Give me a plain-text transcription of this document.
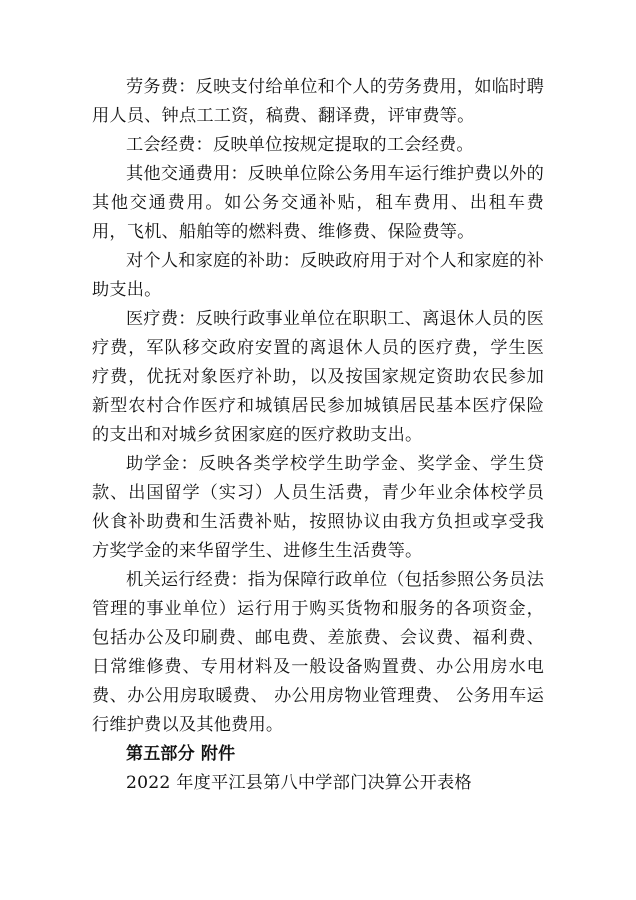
劳务费：反映支付给单位和个人的劳务费用，如临时聘用人员、钟点工工资，稿费、翻译费，评审费等。

工会经费：反映单位按规定提取的工会经费。

其他交通费用：反映单位除公务用车运行维护费以外的其他交通费用。如公务交通补贴，租车费用、出租车费用，飞机、船舶等的燃料费、维修费、保险费等。

对个人和家庭的补助：反映政府用于对个人和家庭的补助支出。

医疗费：反映行政事业单位在职职工、离退休人员的医疗费，军队移交政府安置的离退休人员的医疗费，学生医疗费，优抚对象医疗补助，以及按国家规定资助农民参加新型农村合作医疗和城镇居民参加城镇居民基本医疗保险的支出和对城乡贫困家庭的医疗救助支出。

助学金：反映各类学校学生助学金、奖学金、学生贷款、出国留学（实习）人员生活费，青少年业余体校学员伙食补助费和生活费补贴，按照协议由我方负担或享受我方奖学金的来华留学生、进修生生活费等。

机关运行经费：指为保障行政单位（包括参照公务员法管理的事业单位）运行用于购买货物和服务的各项资金，包括办公及印刷费、邮电费、差旅费、会议费、福利费、日常维修费、专用材料及一般设备购置费、办公用房水电费、办公用房取暖费、 办公用房物业管理费、 公务用车运行维护费以及其他费用。

第五部分 附件

2022 年度平江县第八中学部门决算公开表格
